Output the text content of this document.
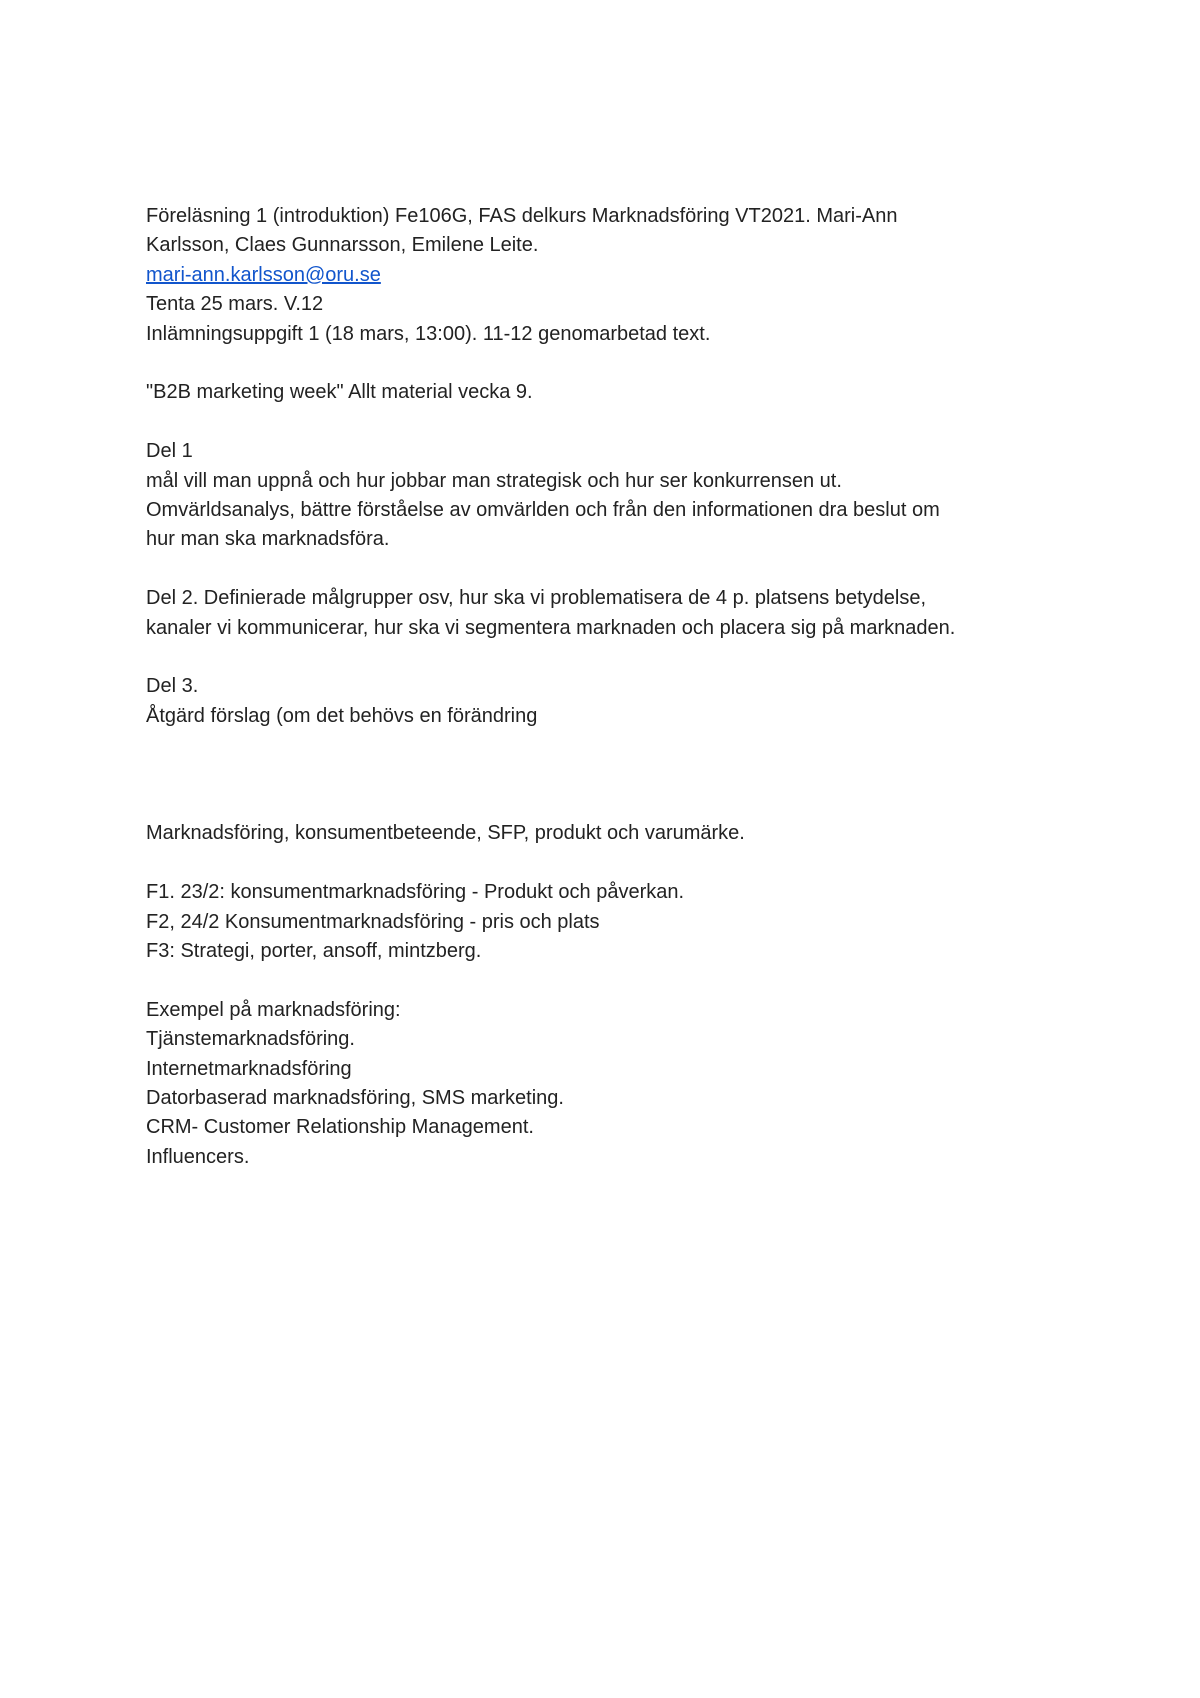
Föreläsning 1 (introduktion) Fe106G, FAS delkurs Marknadsföring VT2021. Mari-Ann
Karlsson, Claes Gunnarsson, Emilene Leite.
mari-ann.karlsson@oru.se
Tenta 25 mars. V.12
Inlämningsuppgift 1 (18 mars, 13:00). 11-12 genomarbetad text.
"B2B marketing week" Allt material vecka 9.
Del 1
mål vill man uppnå och hur jobbar man strategisk och hur ser konkurrensen ut.
Omvärldsanalys, bättre förståelse av omvärlden och från den informationen dra beslut om
hur man ska marknadsföra.
Del 2. Definierade målgrupper osv, hur ska vi problematisera de 4 p. platsens betydelse,
kanaler vi kommunicerar, hur ska vi segmentera marknaden och placera sig på marknaden.
Del 3.
Åtgärd förslag (om det behövs en förändring
Marknadsföring, konsumentbeteende, SFP, produkt och varumärke.
F1. 23/2: konsumentmarknadsföring - Produkt och påverkan.
F2, 24/2 Konsumentmarknadsföring - pris och plats
F3: Strategi, porter, ansoff, mintzberg.
Exempel på marknadsföring:
Tjänstemarknadsföring.
Internetmarknadsföring
Datorbaserad marknadsföring, SMS marketing.
CRM- Customer Relationship Management.
Influencers.
